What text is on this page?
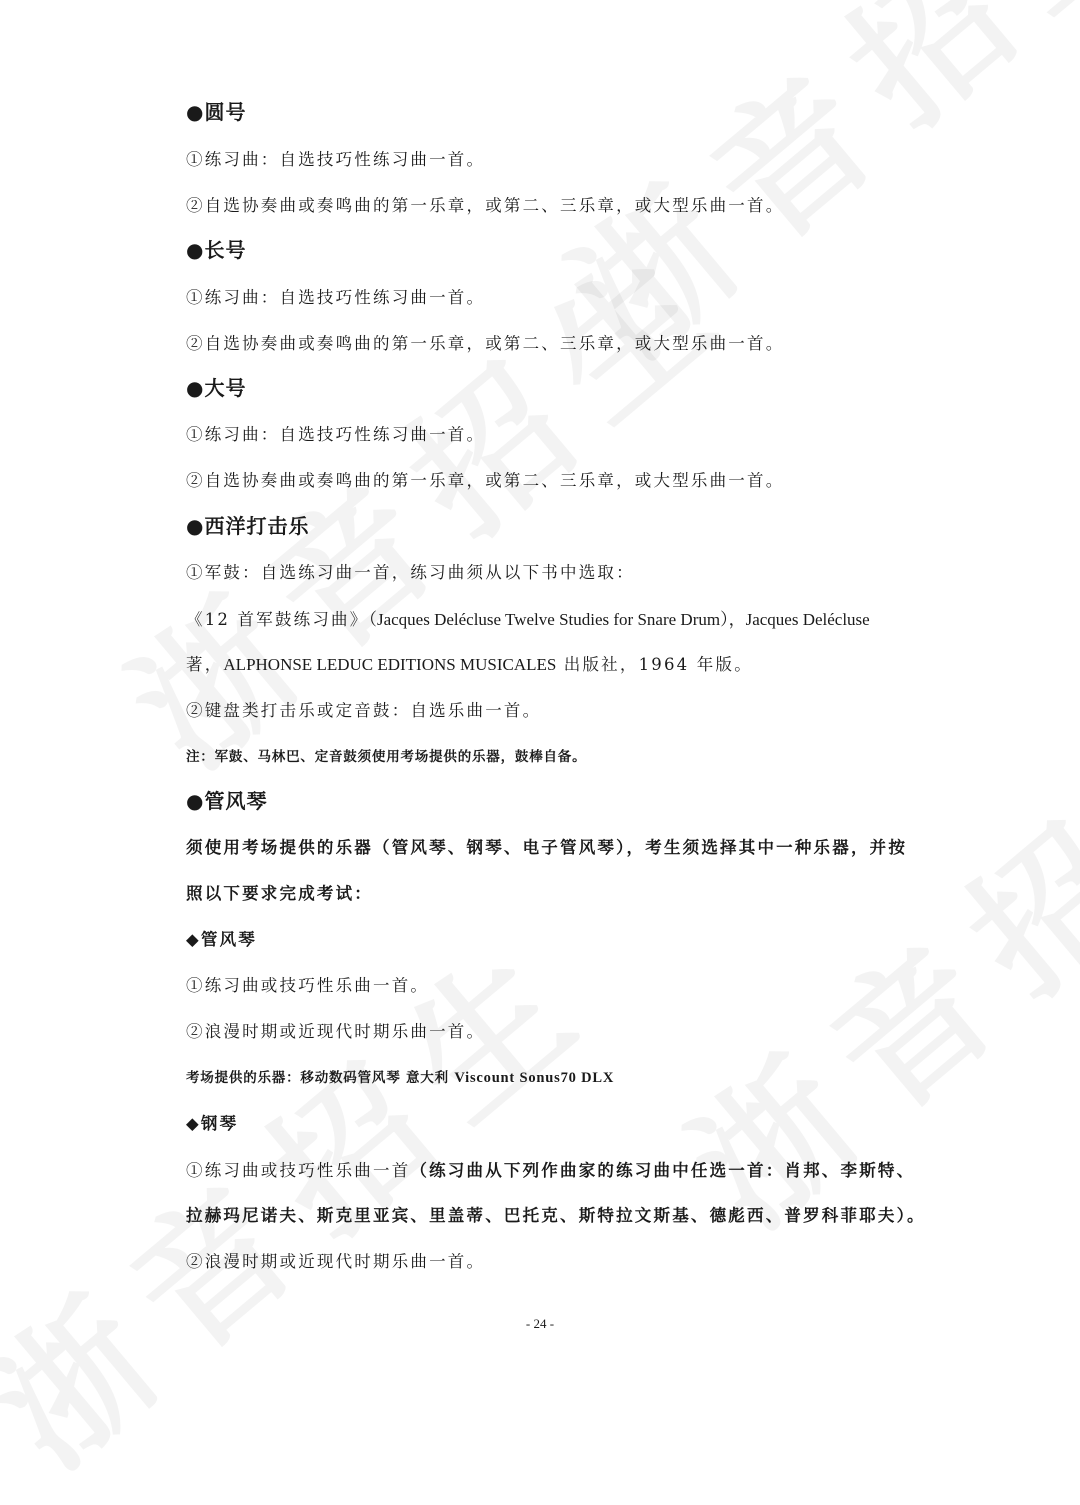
●圆号
①练习曲：自选技巧性练习曲一首。
②自选协奏曲或奏鸣曲的第一乐章，或第二、三乐章，或大型乐曲一首。
●长号
①练习曲：自选技巧性练习曲一首。
②自选协奏曲或奏鸣曲的第一乐章，或第二、三乐章，或大型乐曲一首。
●大号
①练习曲：自选技巧性练习曲一首。
②自选协奏曲或奏鸣曲的第一乐章，或第二、三乐章，或大型乐曲一首。
●西洋打击乐
①军鼓：自选练习曲一首，练习曲须从以下书中选取：
《12 首军鼓练习曲》（Jacques Delécluse Twelve Studies for Snare Drum），Jacques Delécluse
著，ALPHONSE LEDUC EDITIONS MUSICALES 出版社，1964 年版。
②键盘类打击乐或定音鼓：自选乐曲一首。
注：军鼓、马林巴、定音鼓须使用考场提供的乐器，鼓棒自备。
●管风琴
须使用考场提供的乐器（管风琴、钢琴、电子管风琴），考生须选择其中一种乐器，并按
照以下要求完成考试：
◆管风琴
①练习曲或技巧性乐曲一首。
②浪漫时期或近现代时期乐曲一首。
考场提供的乐器：移动数码管风琴 意大利 Viscount Sonus70 DLX
◆钢琴
①练习曲或技巧性乐曲一首（练习曲从下列作曲家的练习曲中任选一首：肖邦、李斯特、
拉赫玛尼诺夫、斯克里亚宾、里盖蒂、巴托克、斯特拉文斯基、德彪西、普罗科菲耶夫）。
②浪漫时期或近现代时期乐曲一首。
- 24 -
